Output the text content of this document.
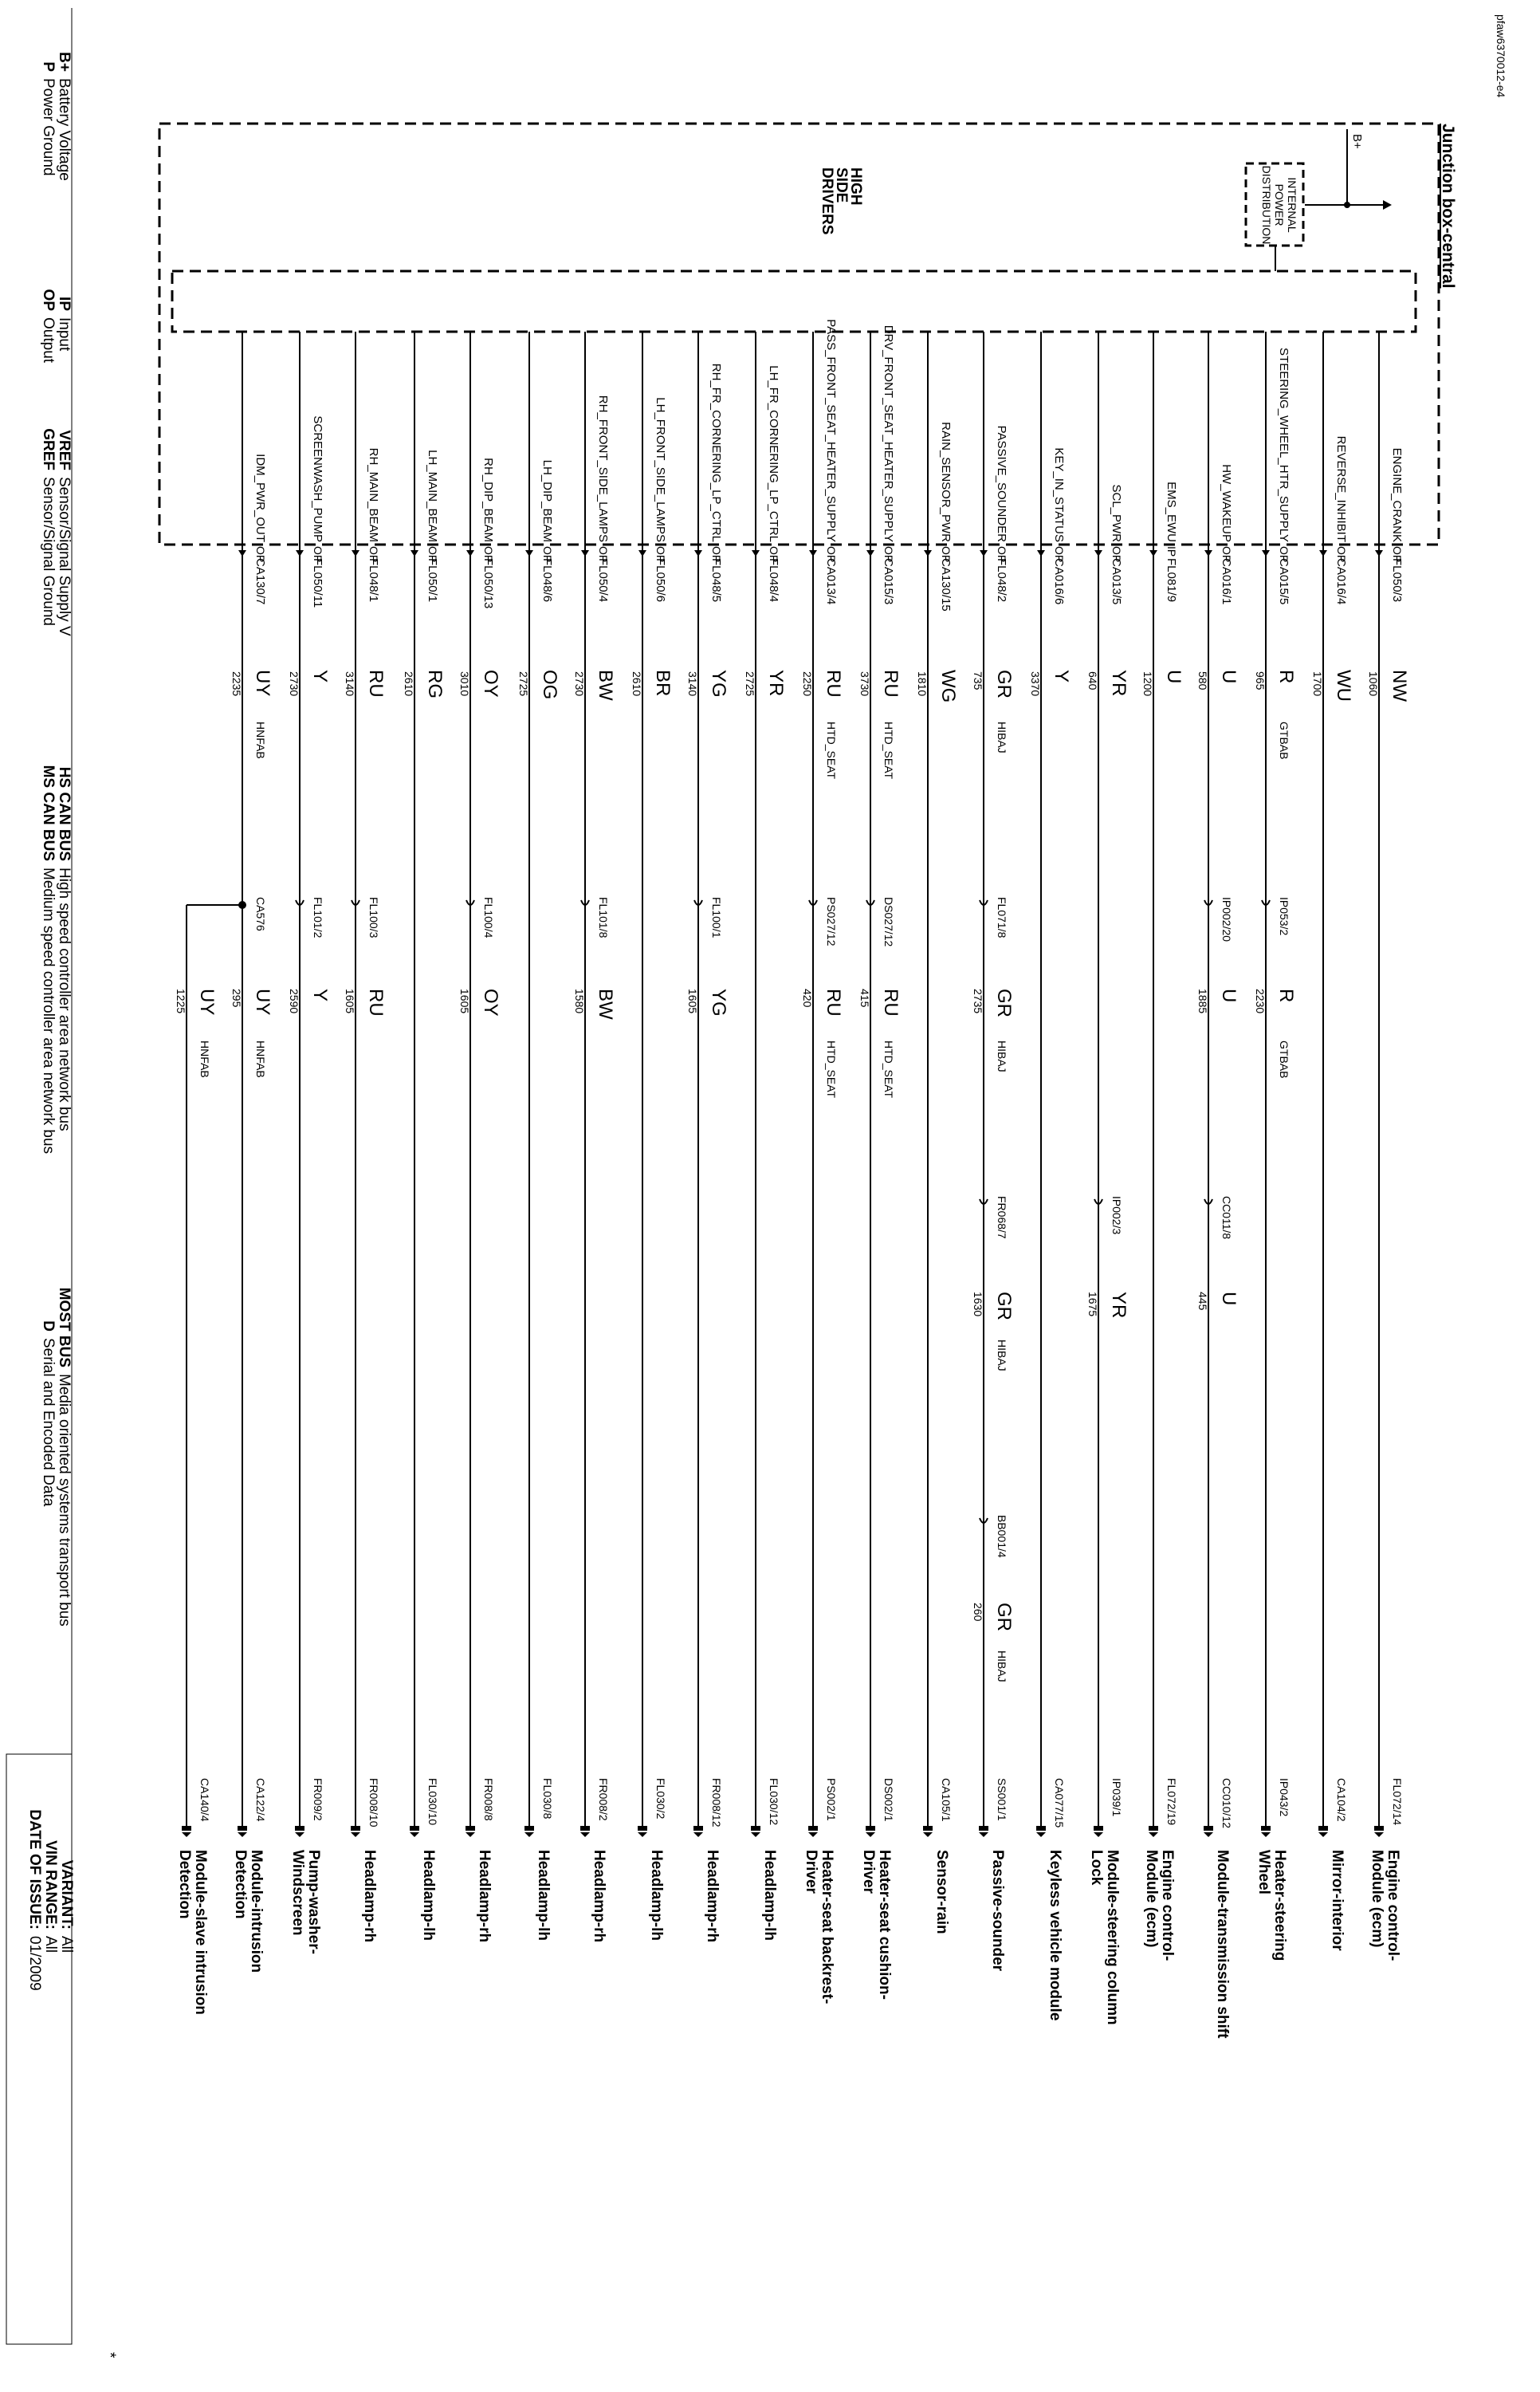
pfaw6370012-e4
Junction box-central
B+
INTERNAL
POWER
DISTRIBUTION
HIGH
SIDE
DRIVERS
VARIANT:
All
VIN RANGE:
All
DATE OF ISSUE:
01/2009
*
B+
Battery Voltage
P
Power Ground
IP
Input
OP
Output
VREF
Sensor/Signal Supply V
GREF
Sensor/Signal Ground
HS CAN BUS
High speed controller area network bus
MS CAN BUS
Medium speed controller area network bus
MOST BUS
Media oriented systems transport bus
D
Serial and Encoded Data
ENGINE_CRANK
OP
FL050/3
NW
1060
FL072/14
Engine control-
Module (ecm)
REVERSE_INHIBIT
OP
CA016/4
WU
1700
CA104/2
Mirror-interior
STEERING_WHEEL_HTR_SUPPLY
OP
CA015/5
R
965
GTBAB
IP053/2
R
2230
GTBAB
IP043/2
Heater-steering
Wheel
HW_WAKEUP
OP
CA016/1
U
580
IP002/20
U
1885
CC011/8
U
445
CC010/12
Module-transmission shift
EMS_EWU
IP
FL081/9
U
1200
FL072/19
Engine control-
Module (ecm)
SCL_PWR
OP
CA013/5
YR
640
IP002/3
YR
1675
IP039/1
Module-steering column
Lock
KEY_IN_STATUS
OP
CA016/6
Y
3370
CA077/15
Keyless vehicle module
PASSIVE_SOUNDER
OP
FL048/2
GR
735
HIBAJ
FL071/8
GR
2735
HIBAJ
FR068/7
GR
1630
HIBAJ
BB001/4
GR
260
HIBAJ
SS001/1
Passive-sounder
RAIN_SENSOR_PWR
OP
CA130/15
WG
1810
CA105/1
Sensor-rain
DRV_FRONT_SEAT_HEATER_SUPPLY
OP
CA015/3
RU
3730
HTD_SEAT
DS027/12
RU
415
HTD_SEAT
DS002/1
Heater-seat cushion-
Driver
PASS_FRONT_SEAT_HEATER_SUPPLY
OP
CA013/4
RU
2250
HTD_SEAT
PS027/12
RU
420
HTD_SEAT
PS002/1
Heater-seat backrest-
Driver
LH_FR_CORNERING_LP_CTRL
OP
FL048/4
YR
2725
FL030/12
Headlamp-lh
RH_FR_CORNERING_LP_CTRL
OP
FL048/5
YG
3140
FL100/1
YG
1605
FR008/12
Headlamp-rh
LH_FRONT_SIDE_LAMPS
OP
FL050/6
BR
2610
FL030/2
Headlamp-lh
RH_FRONT_SIDE_LAMPS
OP
FL050/4
BW
2730
FL101/8
BW
1580
FR008/2
Headlamp-rh
LH_DIP_BEAM
OP
FL048/6
OG
2725
FL030/8
Headlamp-lh
RH_DIP_BEAM
OP
FL050/13
OY
3010
FL100/4
OY
1605
FR008/8
Headlamp-rh
LH_MAIN_BEAM
OP
FL050/1
RG
2610
FL030/10
Headlamp-lh
RH_MAIN_BEAM
OP
FL048/1
RU
3140
FL100/3
RU
1605
FR008/10
Headlamp-rh
SCREENWASH_PUMP
OP
FL050/11
Y
2730
FL101/2
Y
2590
FR009/2
Pump-washer-
Windscreen
IDM_PWR_OUT
OP
CA130/7
UY
2235
HNFAB
UY
295
HNFAB
CA576
CA122/4
Module-intrusion
Detection
UY
1225
HNFAB
CA140/4
Module-slave intrusion
Detection
